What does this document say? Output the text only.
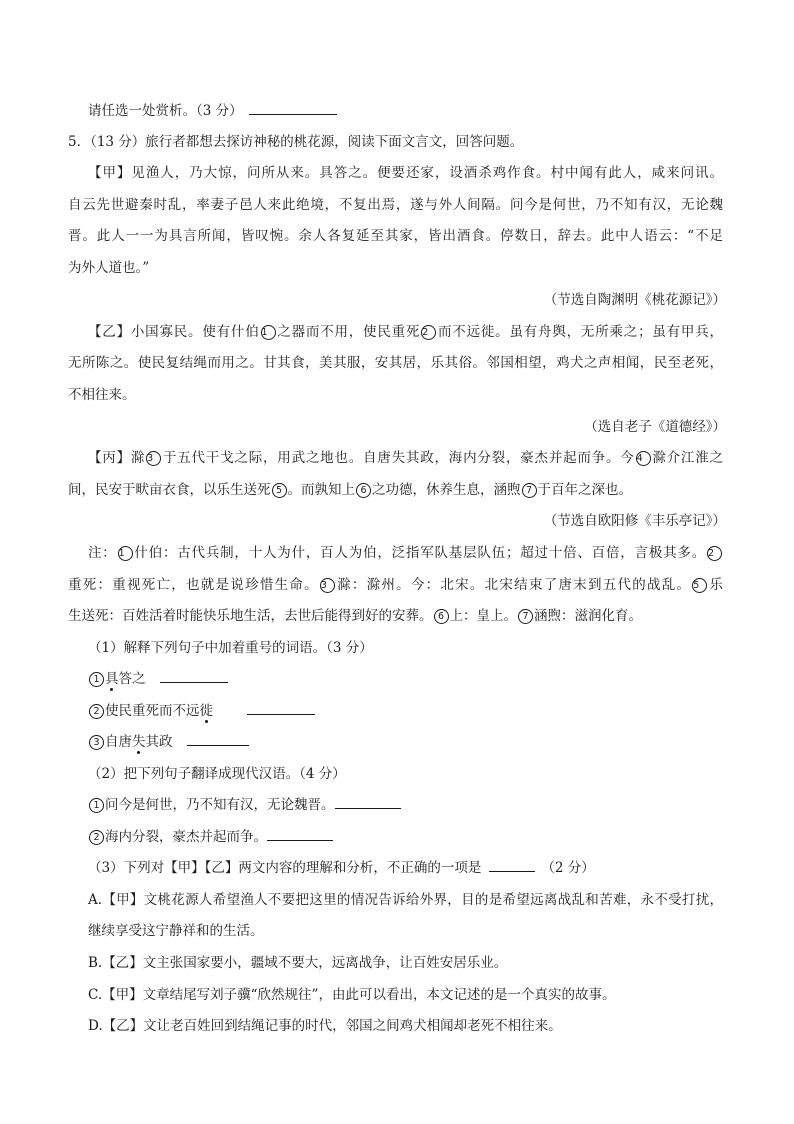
请任选一处赏析。（3 分）
5．（13 分）旅行者都想去探访神秘的桃花源，阅读下面文言文，回答问题。
【甲】见渔人，乃大惊，问所从来。具答之。便要还家，设酒杀鸡作食。村中闻有此人，咸来问讯。
自云先世避秦时乱，率妻子邑人来此绝境，不复出焉，遂与外人间隔。问今是何世，乃不知有汉，无论魏
晋。此人一一为具言所闻，皆叹惋。余人各复延至其家，皆出酒食。停数日，辞去。此中人语云：“不足
为外人道也。”
（节选自陶渊明《桃花源记》）
【乙】小国寡民。使有什伯 1 之器而不用，使民重死 2 而不远徙。虽有舟舆，无所乘之；虽有甲兵，
无所陈之。使民复结绳而用之。甘其食，美其服，安其居，乐其俗。邻国相望，鸡犬之声相闻，民至老死，
不相往来。
（选自老子《道德经》）
【丙】滁 3 于五代干戈之际，用武之地也。自唐失其政，海内分裂，豪杰并起而争。今 4 滁介江淮之
间，民安于畎亩衣食，以乐生送死 5 。而孰知上 6 之功德，休养生息，涵煦 7 于百年之深也。
（节选自欧阳修《丰乐亭记》）
注： 1 什伯：古代兵制，十人为什，百人为伯，泛指军队基层队伍；超过十倍、百倍，言极其多。 2
重死：重视死亡，也就是说珍惜生命。 3 滁：滁州。今：北宋。北宋结束了唐末到五代的战乱。 5 乐
生送死：百姓活着时能快乐地生活，去世后能得到好的安葬。 6 上：皇上。 7 涵煦：滋润化育。
（1）解释下列句子中加着重号的词语。（3 分）
1 具答之
2 使民重死而不远徙
3 自唐失其政
（2）把下列句子翻译成现代汉语。（4 分）
1 问今是何世，乃不知有汉，无论魏晋。
2 海内分裂，豪杰并起而争。
（3）下列对【甲】【乙】两文内容的理解和分析，不正确的一项是	（2 分）
A.【甲】文桃花源人希望渔人不要把这里的情况告诉给外界，目的是希望远离战乱和苦难，永不受打扰，
继续享受这宁静祥和的生活。
B.【乙】文主张国家要小，疆域不要大，远离战争，让百姓安居乐业。
C.【甲】文章结尾写刘子骥“欣然规往”，由此可以看出，本文记述的是一个真实的故事。
D.【乙】文让老百姓回到结绳记事的时代，邻国之间鸡犬相闻却老死不相往来。
